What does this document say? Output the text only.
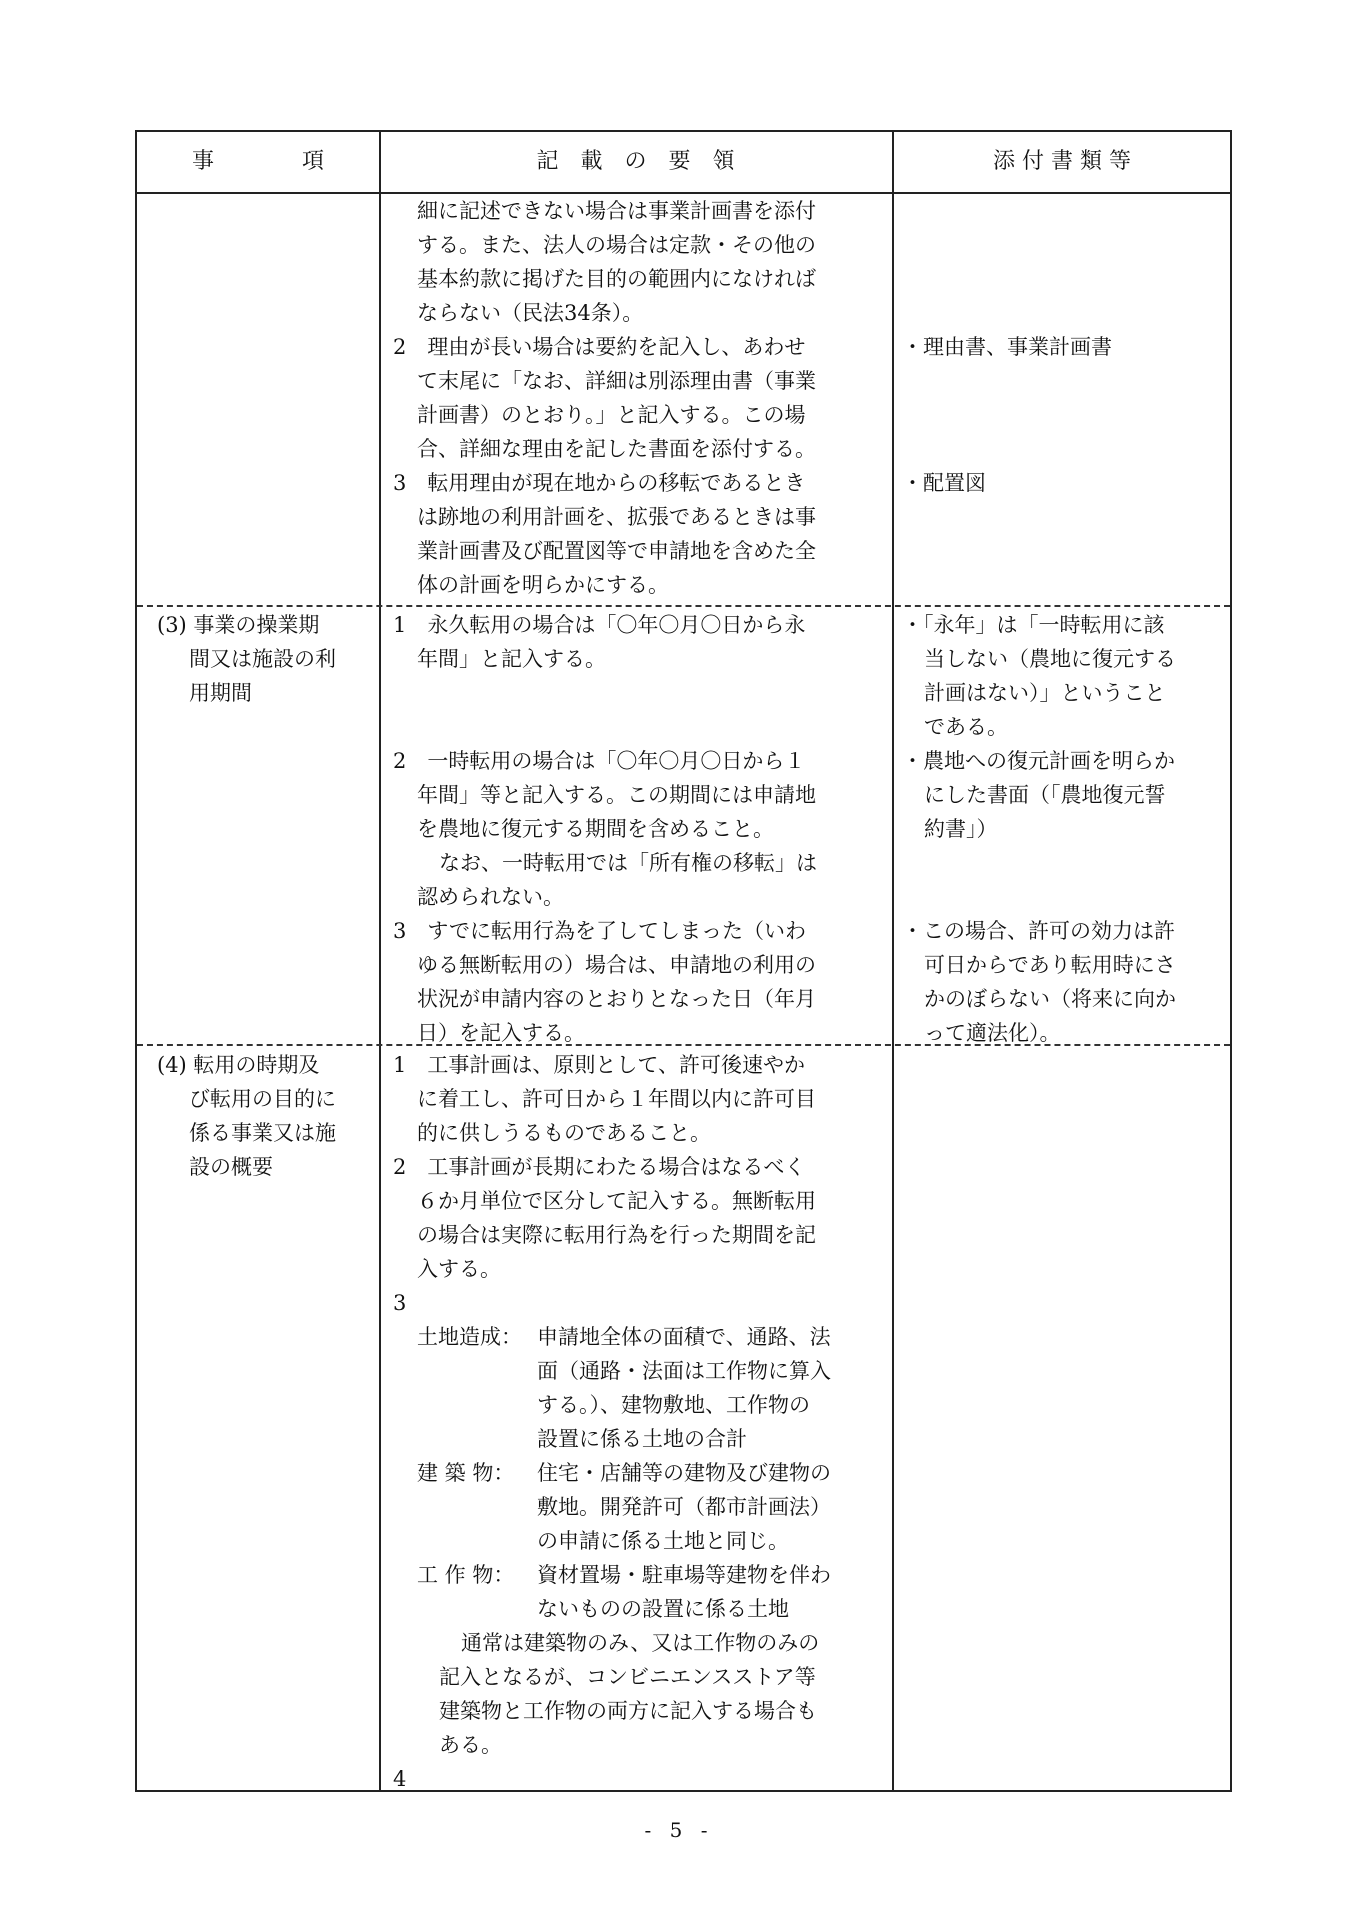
事　　　　項	記　載　の　要　領	添 付 書 類 等
細に記述できない場合は事業計画書を添付
する。また、法人の場合は定款・その他の
基本約款に掲げた目的の範囲内になければ
ならない（民法34条）。
2　理由が長い場合は要約を記入し、あわせ
て末尾に「なお、詳細は別添理由書（事業
計画書）のとおり。」と記入する。この場
合、詳細な理由を記した書面を添付する。
3　転用理由が現在地からの移転であるとき
は跡地の利用計画を、拡張であるときは事
業計画書及び配置図等で申請地を含めた全
体の計画を明らかにする。
・理由書、事業計画書
・配置図
(3) 事業の操業期
間又は施設の利
用期間
1　永久転用の場合は「〇年〇月〇日から永
年間」と記入する。
2　一時転用の場合は「〇年〇月〇日から１
年間」等と記入する。この期間には申請地
を農地に復元する期間を含めること。
なお、一時転用では「所有権の移転」は
認められない。
3　すでに転用行為を了してしまった（いわ
ゆる無断転用の）場合は、申請地の利用の
状況が申請内容のとおりとなった日（年月
日）を記入する。
・「永年」は「一時転用に該
当しない（農地に復元する
計画はない）」ということ
である。
・農地への復元計画を明らか
にした書面（「農地復元誓
約書」）
・この場合、許可の効力は許
可日からであり転用時にさ
かのぼらない（将来に向か
って適法化）。
(4) 転用の時期及
び転用の目的に
係る事業又は施
設の概要
1　工事計画は、原則として、許可後速やか
に着工し、許可日から１年間以内に許可目
的に供しうるものであること。
2　工事計画が長期にわたる場合はなるべく
６か月単位で区分して記入する。無断転用
の場合は実際に転用行為を行った期間を記
入する。
3
土地造成： 申請地全体の面積で、通路、法
面（通路・法面は工作物に算入
する。）、建物敷地、工作物の
設置に係る土地の合計
建 築 物： 住宅・店舗等の建物及び建物の
敷地。開発許可（都市計画法）
の申請に係る土地と同じ。
工 作 物： 資材置場・駐車場等建物を伴わ
ないものの設置に係る土地
通常は建築物のみ、又は工作物のみの
記入となるが、コンビニエンスストア等
建築物と工作物の両方に記入する場合も
ある。
4
- 5 -
